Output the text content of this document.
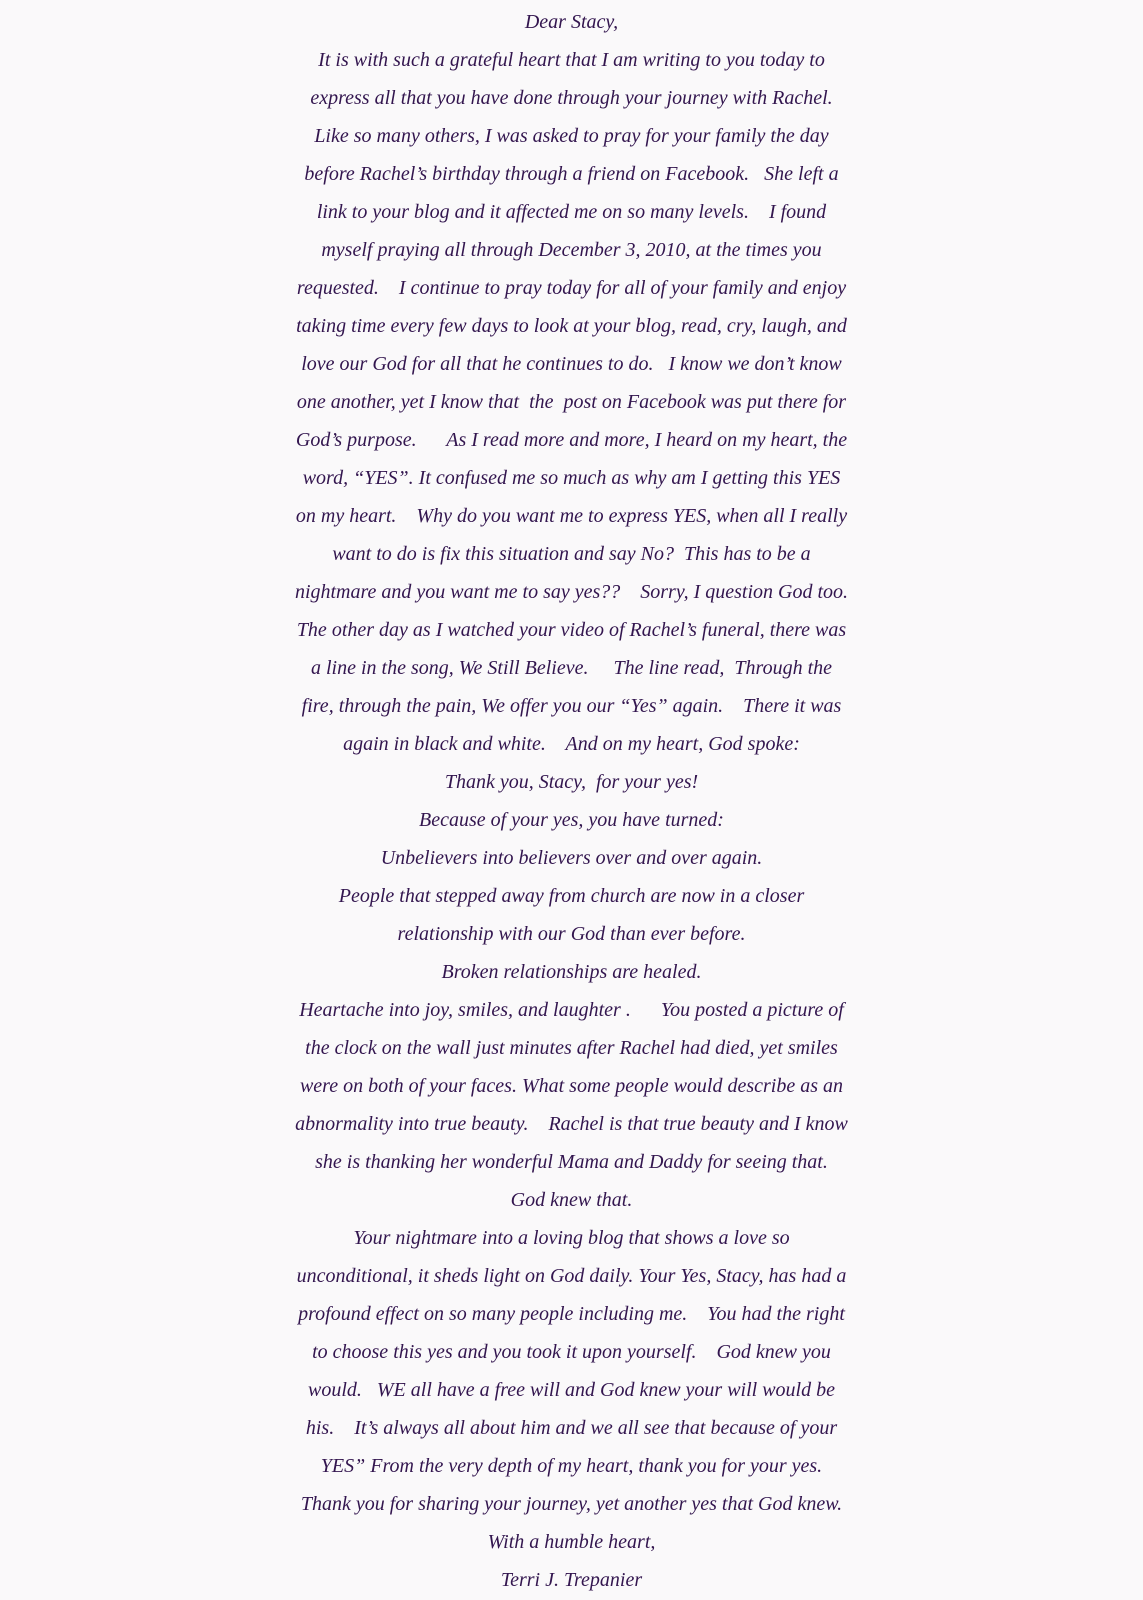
Dear Stacy,
It is with such a grateful heart that I am writing to you today to
express all that you have done through your journey with Rachel.
Like so many others, I was asked to pray for your family the day
before Rachel’s birthday through a friend on Facebook.   She left a
link to your blog and it affected me on so many levels.    I found
myself praying all through December 3, 2010, at the times you
requested.    I continue to pray today for all of your family and enjoy
taking time every few days to look at your blog, read, cry, laugh, and
love our God for all that he continues to do.   I know we don’t know
one another, yet I know that  the  post on Facebook was put there for
God’s purpose.      As I read more and more, I heard on my heart, the
word, “YES”. It confused me so much as why am I getting this YES
on my heart.    Why do you want me to express YES, when all I really
want to do is fix this situation and say No?  This has to be a
nightmare and you want me to say yes??    Sorry, I question God too.
The other day as I watched your video of Rachel’s funeral, there was
a line in the song, We Still Believe.     The line read,  Through the
fire, through the pain, We offer you our “Yes” again.    There it was
again in black and white.    And on my heart, God spoke:
Thank you, Stacy,  for your yes!
Because of your yes, you have turned:
Unbelievers into believers over and over again.
People that stepped away from church are now in a closer
relationship with our God than ever before.
Broken relationships are healed.
Heartache into joy, smiles, and laughter .      You posted a picture of
the clock on the wall just minutes after Rachel had died, yet smiles
were on both of your faces. What some people would describe as an
abnormality into true beauty.    Rachel is that true beauty and I know
she is thanking her wonderful Mama and Daddy for seeing that.
God knew that.
Your nightmare into a loving blog that shows a love so
unconditional, it sheds light on God daily. Your Yes, Stacy, has had a
profound effect on so many people including me.    You had the right
to choose this yes and you took it upon yourself.    God knew you
would.   WE all have a free will and God knew your will would be
his.    It’s always all about him and we all see that because of your
YES” From the very depth of my heart, thank you for your yes.
Thank you for sharing your journey, yet another yes that God knew.
With a humble heart,
Terri J. Trepanier
